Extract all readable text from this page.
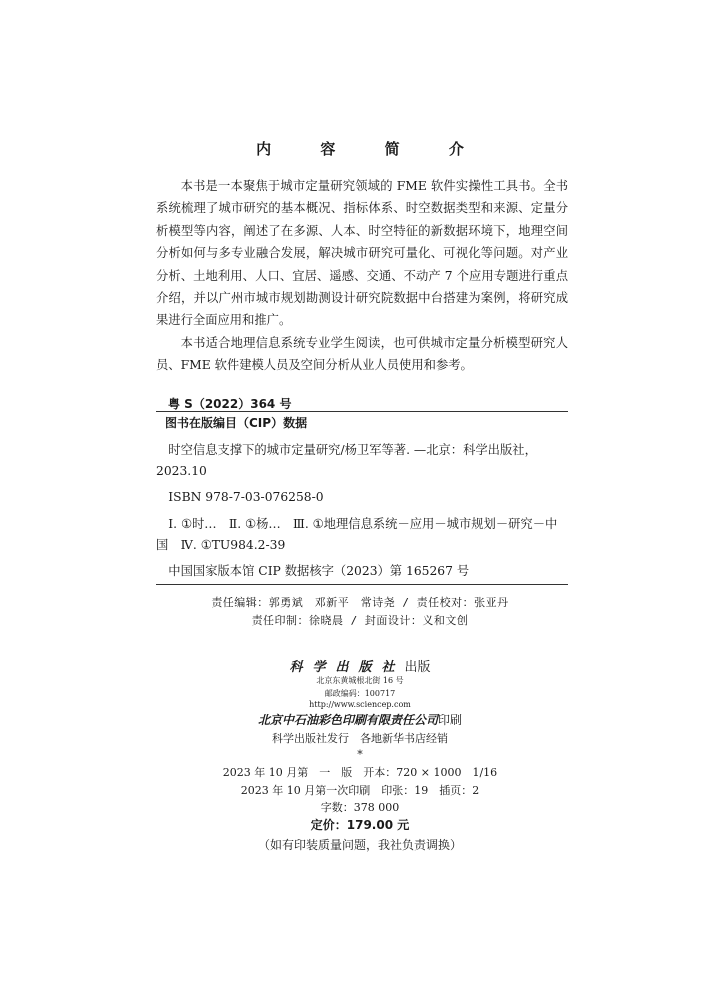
内 容 简 介

本书是一本聚焦于城市定量研究领域的 FME 软件实操性工具书。全书系统梳理了城市研究的基本概况、指标体系、时空数据类型和来源、定量分析模型等内容，阐述了在多源、人本、时空特征的新数据环境下，地理空间分析如何与多专业融合发展，解决城市研究可量化、可视化等问题。对产业分析、土地利用、人口、宜居、遥感、交通、不动产 7 个应用专题进行重点介绍，并以广州市城市规划勘测设计研究院数据中台搭建为案例，将研究成果进行全面应用和推广。

本书适合地理信息系统专业学生阅读，也可供城市定量分析模型研究人员、FME 软件建模人员及空间分析从业人员使用和参考。

粤 S（2022）364 号
图书在版编目（CIP）数据

时空信息支撑下的城市定量研究/杨卫军等著. —北京：科学出版社，2023.10

ISBN 978-7-03-076258-0

Ⅰ. ①时…　Ⅱ. ①杨…　Ⅲ. ①地理信息系统－应用－城市规划－研究－中国　Ⅳ. ①TU984.2-39

中国国家版本馆 CIP 数据核字（2023）第 165267 号

责任编辑：郭勇斌　邓新平　常诗尧 / 责任校对：张亚丹
责任印制：徐晓晨 / 封面设计：义和文创
科学出版社出版
北京东黄城根北街 16 号
邮政编码：100717
http://www.sciencep.com
北京中石油彩色印刷有限责任公司印刷
科学出版社发行　各地新华书店经销
*
2023 年 10 月第　一　版　开本：720 × 1000　1/16
2023 年 10 月第一次印刷　印张：19　插页：2
字数：378 000
定价：179.00 元
（如有印装质量问题，我社负责调换）
